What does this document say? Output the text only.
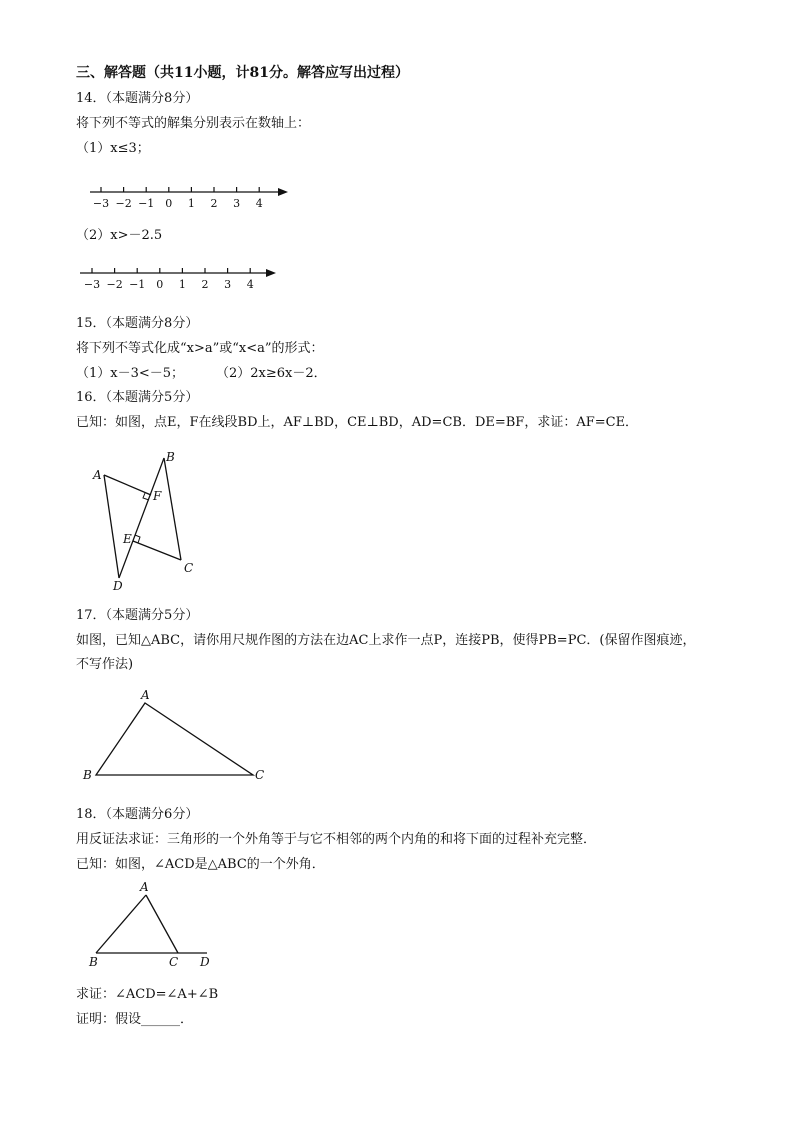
三、解答题（共11小题，计81分。解答应写出过程）
14．（本题满分8分）
将下列不等式的解集分别表示在数轴上：
（1）x≤3；
−3 −2 −1 0 1 2 3 4
−3 −2 −1 0 1 2 3 4
A
B
F
E
C
D
A
B	C
A
B	C D
（2）x>－2.5
15．（本题满分8分）
将下列不等式化成“x>a”或“x<a”的形式：
（1）x－3<－5； （2）2x≥6x－2．
16．（本题满分5分）
已知：如图，点E，F在线段BD上，AF⊥BD，CE⊥BD，AD=CB．DE=BF，求证：AF=CE．
17．（本题满分5分）
如图，已知△ABC，请你用尺规作图的方法在边AC上求作一点P，连接PB，使得PB=PC．(保留作图痕迹，
不写作法)
18．（本题满分6分）
用反证法求证：三角形的一个外角等于与它不相邻的两个内角的和将下面的过程补充完整．
已知：如图，∠ACD是△ABC的一个外角．
求证：∠ACD=∠A+∠B
证明：假设______．
